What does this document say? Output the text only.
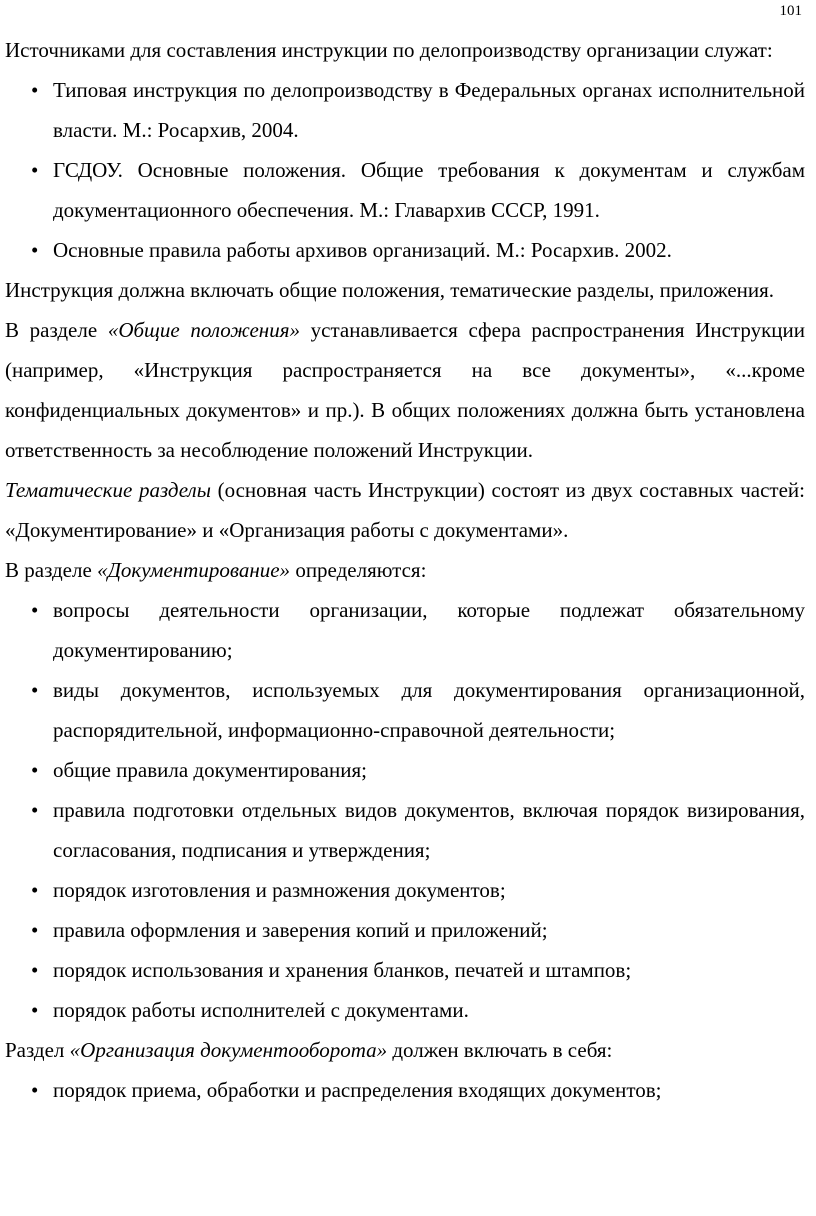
101

Источниками для составления инструкции по делопроизводству организации служат:

• Типовая инструкция по делопроизводству в Федеральных органах исполнительной власти. М.: Росархив, 2004.
• ГСДОУ. Основные положения. Общие требования к документам и службам документационного обеспечения. М.: Главархив СССР, 1991.
• Основные правила работы архивов организаций. М.: Росархив. 2002.

Инструкция должна включать общие положения, тематические разделы, приложения.

В разделе «Общие положения» устанавливается сфера распространения Инструкции (например, «Инструкция распространяется на все документы», «...кроме конфиденциальных документов» и пр.). В общих положениях должна быть установлена ответственность за несоблюдение положений Инструкции.

Тематические разделы (основная часть Инструкции) состоят из двух составных частей: «Документирование» и «Организация работы с документами».

В разделе «Документирование» определяются:

• вопросы деятельности организации, которые подлежат обязательному документированию;
• виды документов, используемых для документирования организационной, распорядительной, информационно-справочной деятельности;
• общие правила документирования;
• правила подготовки отдельных видов документов, включая порядок визирования, согласования, подписания и утверждения;
• порядок изготовления и размножения документов;
• правила оформления и заверения копий и приложений;
• порядок использования и хранения бланков, печатей и штампов;
• порядок работы исполнителей с документами.

Раздел «Организация документооборота» должен включать в себя:

• порядок приема, обработки и распределения входящих документов;
